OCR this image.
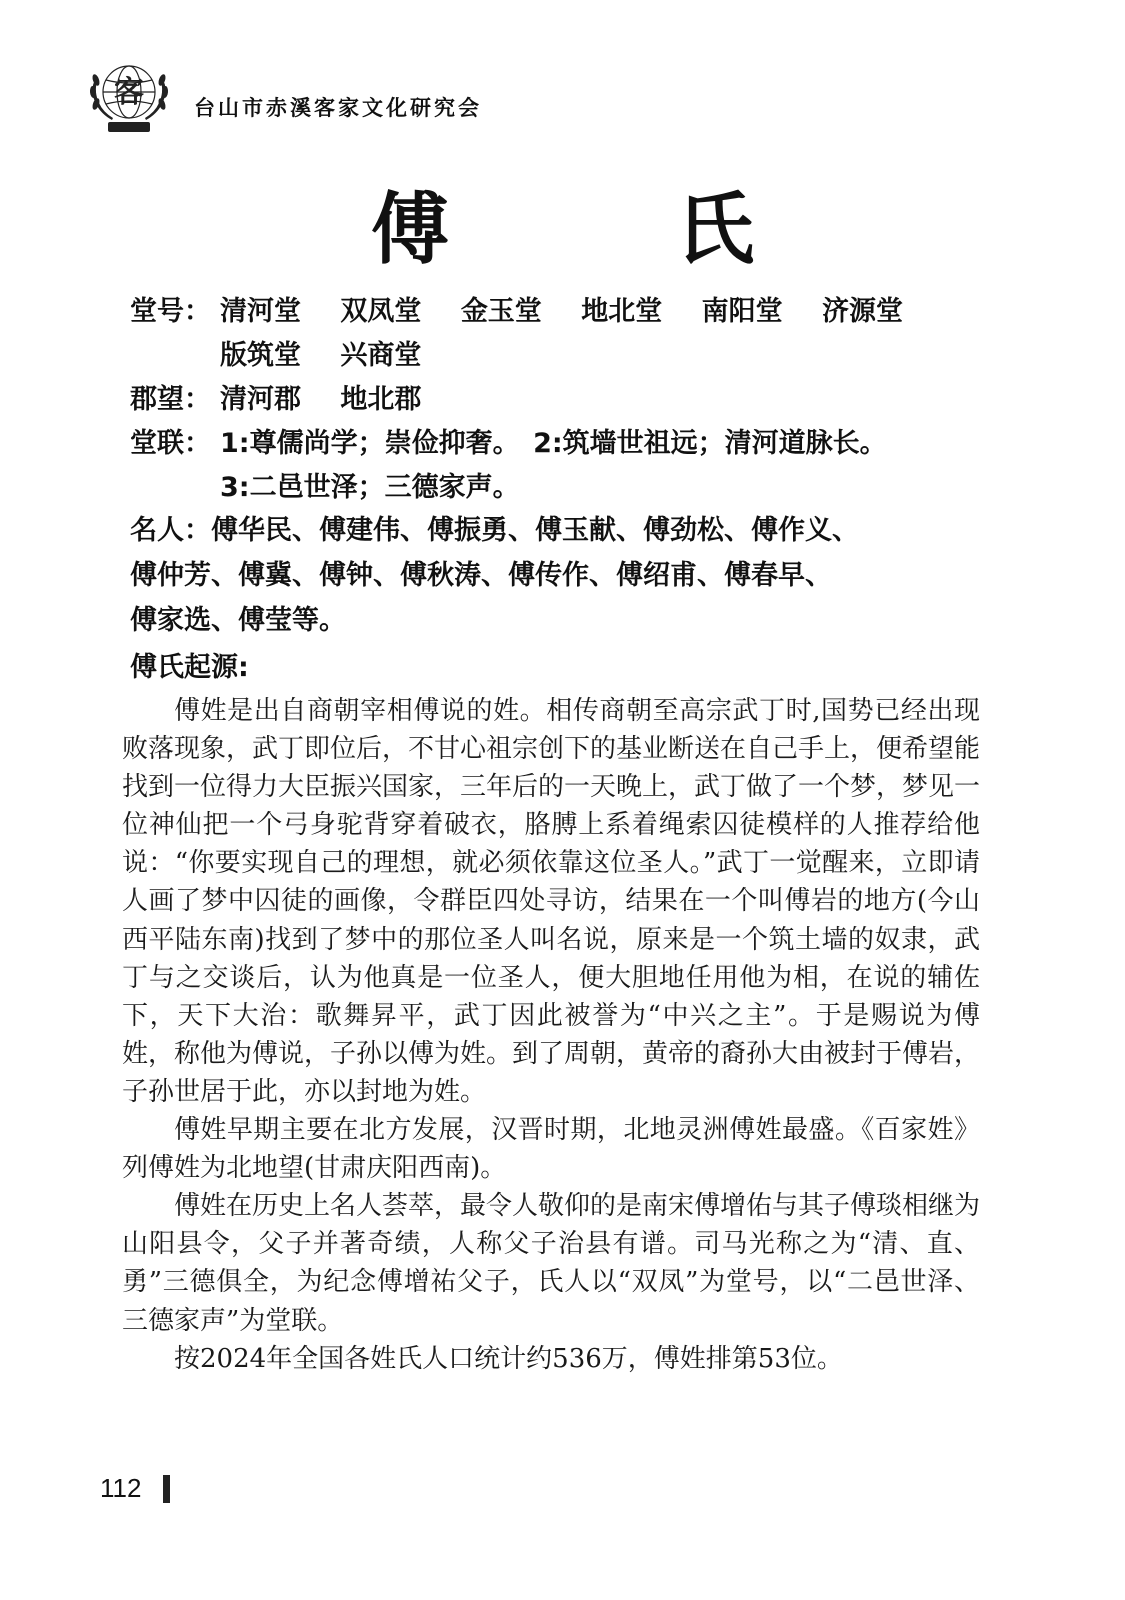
客 台山市赤溪客家文化研究会
傅 氏
堂号： 清河堂 双凤堂 金玉堂 地北堂 南阳堂 济源堂
版筑堂 兴商堂
郡望： 清河郡 地北郡
堂联： 1:尊儒尚学；崇俭抑奢。　2:筑墙世祖远；清河道脉长。
3:二邑世泽；三德家声。
名人：傅华民、傅建伟、傅振勇、傅玉献、傅劲松、傅作义、
傅仲芳、傅冀、傅钟、傅秋涛、傅传作、傅绍甫、傅春早、
傅家选、傅莹等。
傅氏起源:

傅姓是出自商朝宰相傅说的姓。相传商朝至高宗武丁时,国势已经出现败落现象，武丁即位后，不甘心祖宗创下的基业断送在自己手上，便希望能找到一位得力大臣振兴国家，三年后的一天晚上，武丁做了一个梦，梦见一位神仙把一个弓身驼背穿着破衣，胳膊上系着绳索囚徒模样的人推荐给他说：“你要实现自己的理想，就必须依靠这位圣人。”武丁一觉醒来，立即请人画了梦中囚徒的画像，令群臣四处寻访，结果在一个叫傅岩的地方(今山西平陆东南)找到了梦中的那位圣人叫名说，原来是一个筑土墙的奴隶，武丁与之交谈后，认为他真是一位圣人，便大胆地任用他为相，在说的辅佐下，天下大治：歌舞昇平，武丁因此被誉为“中兴之主”。于是赐说为傅姓，称他为傅说，子孙以傅为姓。到了周朝，黄帝的裔孙大由被封于傅岩，子孙世居于此，亦以封地为姓。

傅姓早期主要在北方发展，汉晋时期，北地灵洲傅姓最盛。《百家姓》列傅姓为北地望(甘肃庆阳西南)。

傅姓在历史上名人荟萃，最令人敬仰的是南宋傅增佑与其子傅琰相继为山阳县令，父子并著奇绩，人称父子治县有谱。司马光称之为“清、直、勇”三德俱全，为纪念傅增祐父子，氏人以“双凤”为堂号，以“二邑世泽、三德家声”为堂联。

按2024年全国各姓氏人口统计约536万，傅姓排第53位。

112
